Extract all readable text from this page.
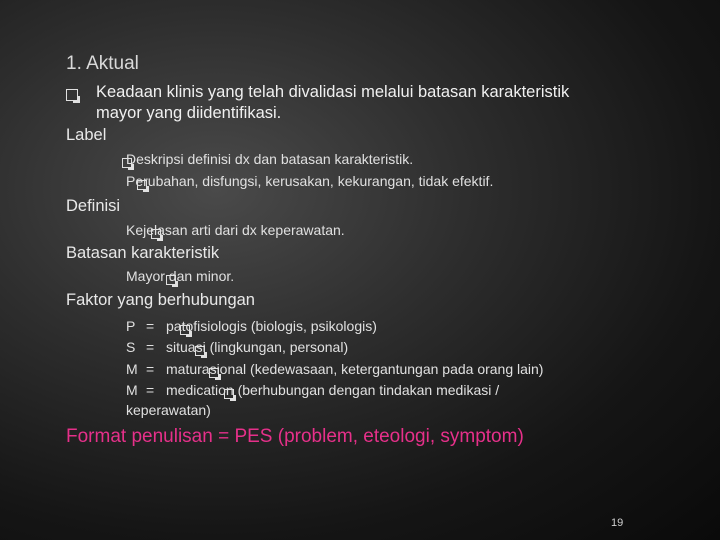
1. Aktual

Keadaan klinis yang telah divalidasi melalui batasan karakteristik
mayor yang diidentifikasi.
Label

Deskripsi definisi dx dan batasan karakteristik.

Perubahan, disfungsi, kerusakan, kekurangan, tidak efektif.
Definisi

Kejelasan arti dari dx keperawatan.
Batasan karakteristik

Mayor dan minor.
Faktor yang berhubungan

P = patofisiologis (biologis, psikologis)

S = situasi (lingkungan, personal)

M = maturasional (kedewasaan, ketergantungan pada orang lain)
M = medication (berhubungan dengan tindakan medikasi /
keperawatan)
Format penulisan = PES (problem, eteologi, symptom)
19
